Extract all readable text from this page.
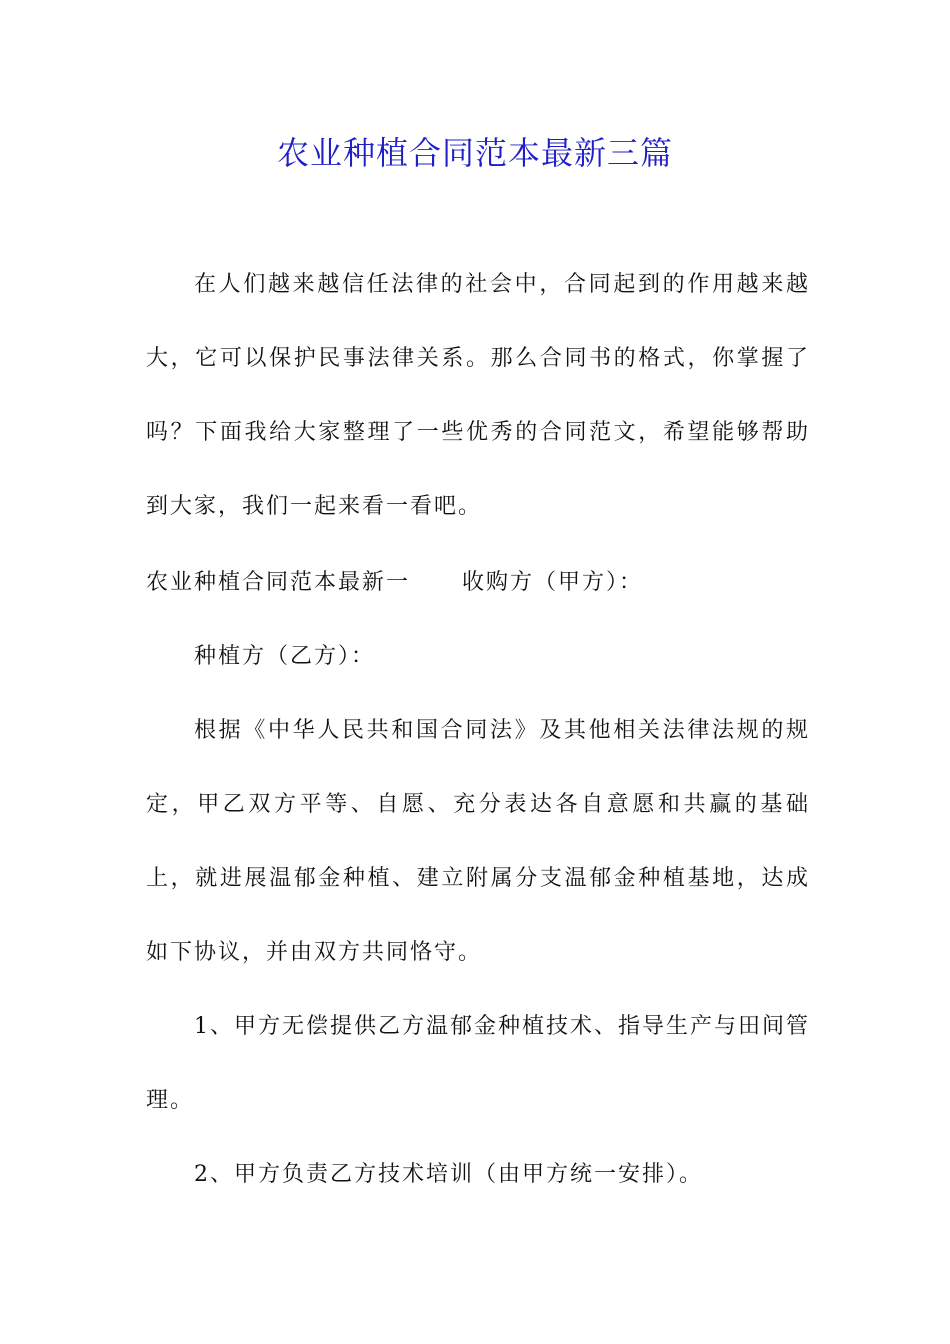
农业种植合同范本最新三篇

在人们越来越信任法律的社会中，合同起到的作用越来越大，它可以保护民事法律关系。那么合同书的格式，你掌握了吗？下面我给大家整理了一些优秀的合同范文，希望能够帮助到大家，我们一起来看一看吧。

农业种植合同范本最新一 收购方（甲方）：

种植方（乙方）：

根据《中华人民共和国合同法》及其他相关法律法规的规定，甲乙双方平等、自愿、充分表达各自意愿和共赢的基础上，就进展温郁金种植、建立附属分支温郁金种植基地，达成如下协议，并由双方共同恪守。

1、甲方无偿提供乙方温郁金种植技术、指导生产与田间管理。

2、甲方负责乙方技术培训（由甲方统一安排）。
